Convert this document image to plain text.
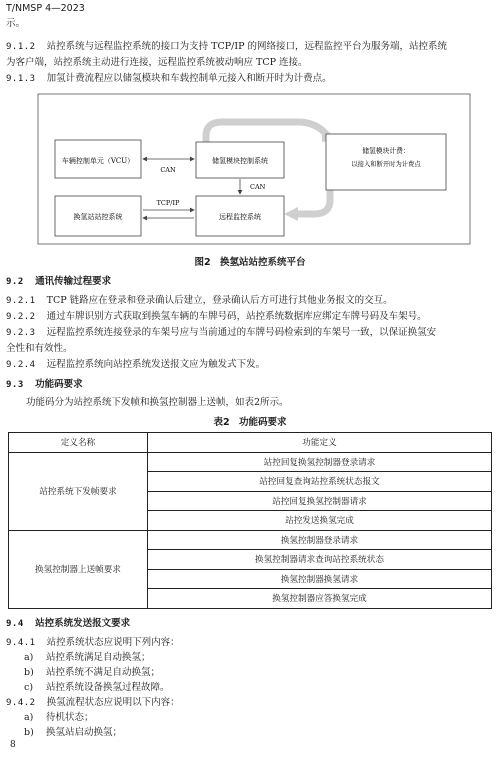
T/NMSP 4—2023
示。
9.1.2 站控系统与远程监控系统的接口为支持 TCP/IP 的网络接口，远程监控平台为服务端，站控系统
为客户端，站控系统主动进行连接，远程监控系统被动响应 TCP 连接。
9.1.3 加氢计费流程应以储氢模块和车载控制单元接入和断开时为计费点。
车辆控制单元（VCU）	储氢模块控制系统
储氢模块计费：
以接入和断开时为计费点
换氢站站控系统	远程监控系统
CAN
CAN
TCP/IP
图2　换氢站站控系统平台
9.2 通讯传输过程要求
9.2.1 TCP 链路应在登录和登录确认后建立，登录确认后方可进行其他业务报文的交互。
9.2.2 通过车牌识别方式获取到换氢车辆的车牌号码，站控系统数据库应绑定车牌号码及车架号。
9.2.3 远程监控系统连接登录的车架号应与当前通过的车牌号码检索到的车架号一致，以保证换氢安
全性和有效性。
9.2.4 远程监控系统向站控系统发送报文应为触发式下发。
9.3 功能码要求
功能码分为站控系统下发帧和换氢控制器上送帧，如表2所示。
表2　功能码要求
定义名称	功能定义
站控系统下发帧要求	站控回复换氢控制器登录请求
	站控回复查询站控系统状态报文
	站控回复换氢控制器请求
	站控发送换氢完成
换氢控制器上送帧要求	换氢控制器登录请求
	换氢控制器请求查询站控系统状态
	换氢控制器换氢请求
	换氢控制器应答换氢完成
9.4 站控系统发送报文要求
9.4.1 站控系统状态应说明下列内容：
a) 站控系统满足自动换氢；
b) 站控系统不满足自动换氢；
c) 站控系统设备换氢过程故障。
9.4.2 换氢流程状态应说明以下内容：
a) 待机状态；
b) 换氢站启动换氢；
8
